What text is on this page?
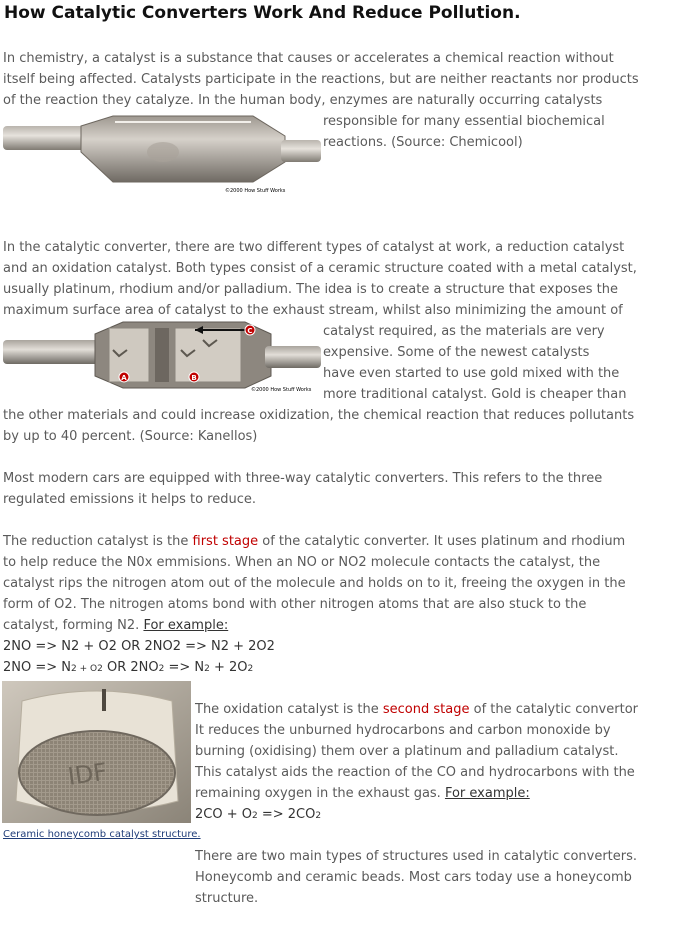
How Catalytic Converters Work And Reduce Pollution.
In chemistry, a catalyst is a substance that causes or accelerates a chemical reaction without
itself being affected. Catalysts participate in the reactions, but are neither reactants nor products
of the reaction they catalyze. In the human body, enzymes are naturally occurring catalysts
responsible for many essential biochemical
reactions. (Source: Chemicool)
©2000 How Stuff Works
In the catalytic converter, there are two different types of catalyst at work, a reduction catalyst
and an oxidation catalyst. Both types consist of a ceramic structure coated with a metal catalyst,
usually platinum, rhodium and/or palladium. The idea is to create a structure that exposes the
maximum surface area of catalyst to the exhaust stream, whilst also minimizing the amount of
catalyst required, as the materials are very
expensive. Some of the newest catalysts
have even started to use gold mixed with the
more traditional catalyst. Gold is cheaper than
the other materials and could increase oxidization, the chemical reaction that reduces pollutants
by up to 40 percent. (Source: Kanellos)
C
A	B
©2000 How Stuff Works
Most modern cars are equipped with three-way catalytic converters. This refers to the three
regulated emissions it helps to reduce.
The reduction catalyst is the first stage of the catalytic converter. It uses platinum and rhodium
to help reduce the N0x emmisions. When an NO or NO2 molecule contacts the catalyst, the
catalyst rips the nitrogen atom out of the molecule and holds on to it, freeing the oxygen in the
form of O2. The nitrogen atoms bond with other nitrogen atoms that are also stuck to the
catalyst, forming N2. For example:
2NO => N2 + O2 OR 2NO2 => N2 + 2O2
2NO => N2 + O2 OR 2NO2 => N2 + 2O2
IDF
Ceramic honeycomb catalyst structure.
The oxidation catalyst is the second stage of the catalytic convertor
It reduces the unburned hydrocarbons and carbon monoxide by
burning (oxidising) them over a platinum and palladium catalyst.
This catalyst aids the reaction of the CO and hydrocarbons with the
remaining oxygen in the exhaust gas. For example:
2CO + O2 => 2CO2
There are two main types of structures used in catalytic converters.
Honeycomb and ceramic beads. Most cars today use a honeycomb
structure.
